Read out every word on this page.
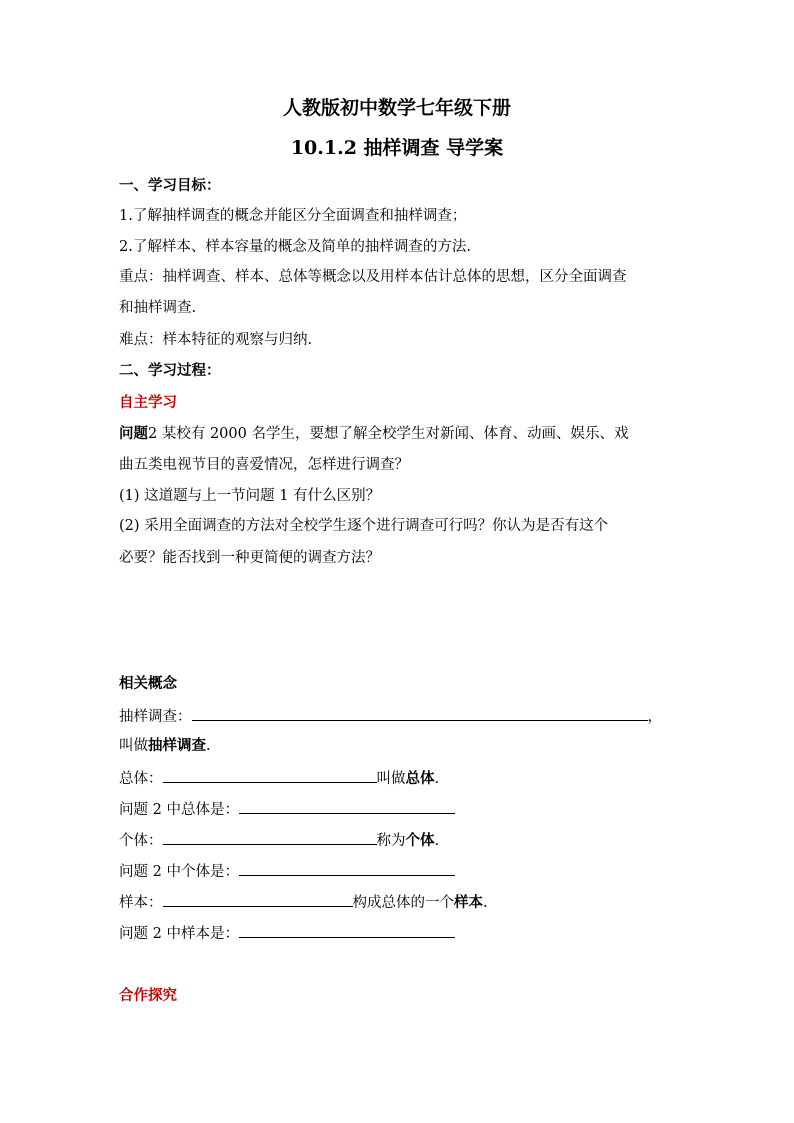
人教版初中数学七年级下册
10.1.2 抽样调查 导学案
一、学习目标：
1.了解抽样调查的概念并能区分全面调查和抽样调查；
2.了解样本、样本容量的概念及简单的抽样调查的方法.
重点：抽样调查、样本、总体等概念以及用样本估计总体的思想，区分全面调查
和抽样调查.
难点：样本特征的观察与归纳.
二、学习过程：
自主学习
问题2 某校有 2000 名学生，要想了解全校学生对新闻、体育、动画、娱乐、戏
曲五类电视节目的喜爱情况，怎样进行调查？
(1) 这道题与上一节问题 1 有什么区别？
(2) 采用全面调查的方法对全校学生逐个进行调查可行吗？你认为是否有这个
必要？能否找到一种更简便的调查方法？
相关概念
抽样调查：	，
叫做抽样调查.
总体：	叫做总体.
问题 2 中总体是：
个体：	称为个体.
问题 2 中个体是：
样本：	构成总体的一个样本.
问题 2 中样本是：
合作探究
